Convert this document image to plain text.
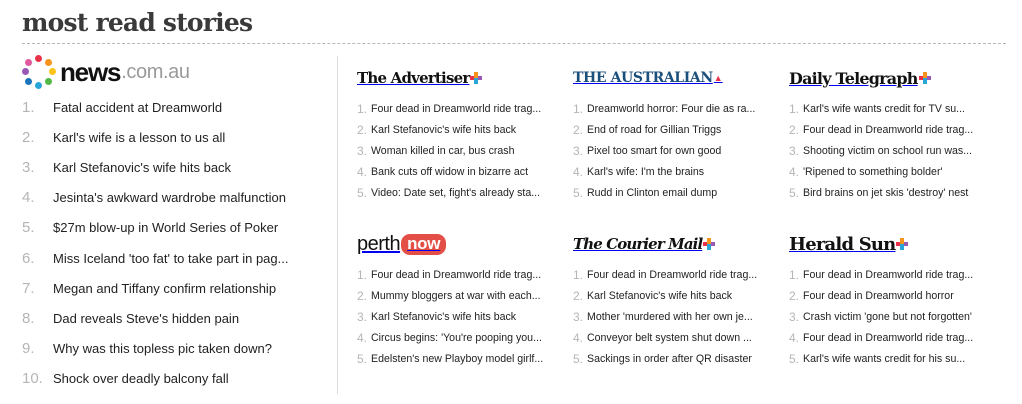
most read stories
news .com.au
1.	Fatal accident at Dreamworld
2.	Karl's wife is a lesson to us all
3.	Karl Stefanovic's wife hits back
4.	Jesinta's awkward wardrobe malfunction
5.	$27m blow-up in World Series of Poker
6.	Miss Iceland 'too fat' to take part in pag...
7.	Megan and Tiffany confirm relationship
8.	Dad reveals Steve's hidden pain
9.	Why was this topless pic taken down?
10. Shock over deadly balcony fall
The Advertiser
1. Four dead in Dreamworld ride trag...
2. Karl Stefanovic's wife hits back
3. Woman killed in car, bus crash
4. Bank cuts off widow in bizarre act
5. Video: Date set, fight's already sta...
THE AUSTRALIAN ▲
1. Dreamworld horror: Four die as ra...
2. End of road for Gillian Triggs
3. Pixel too smart for own good
4. Karl's wife: I'm the brains
5. Rudd in Clinton email dump
Daily Telegraph
1. Karl's wife wants credit for TV su...
2. Four dead in Dreamworld ride trag...
3. Shooting victim on school run was...
4. 'Ripened to something bolder'
5. Bird brains on jet skis 'destroy' nest
perth now
1. Four dead in Dreamworld ride trag...
2. Mummy bloggers at war with each...
3. Karl Stefanovic's wife hits back
4. Circus begins: 'You're pooping you...
5. Edelsten's new Playboy model girlf...
The Courier Mail
1. Four dead in Dreamworld ride trag...
2. Karl Stefanovic's wife hits back
3. Mother 'murdered with her own je...
4. Conveyor belt system shut down ...
5. Sackings in order after QR disaster
Herald Sun
1. Four dead in Dreamworld ride trag...
2. Four dead in Dreamworld horror
3. Crash victim 'gone but not forgotten'
4. Four dead in Dreamworld ride trag...
5. Karl's wife wants credit for his su...
